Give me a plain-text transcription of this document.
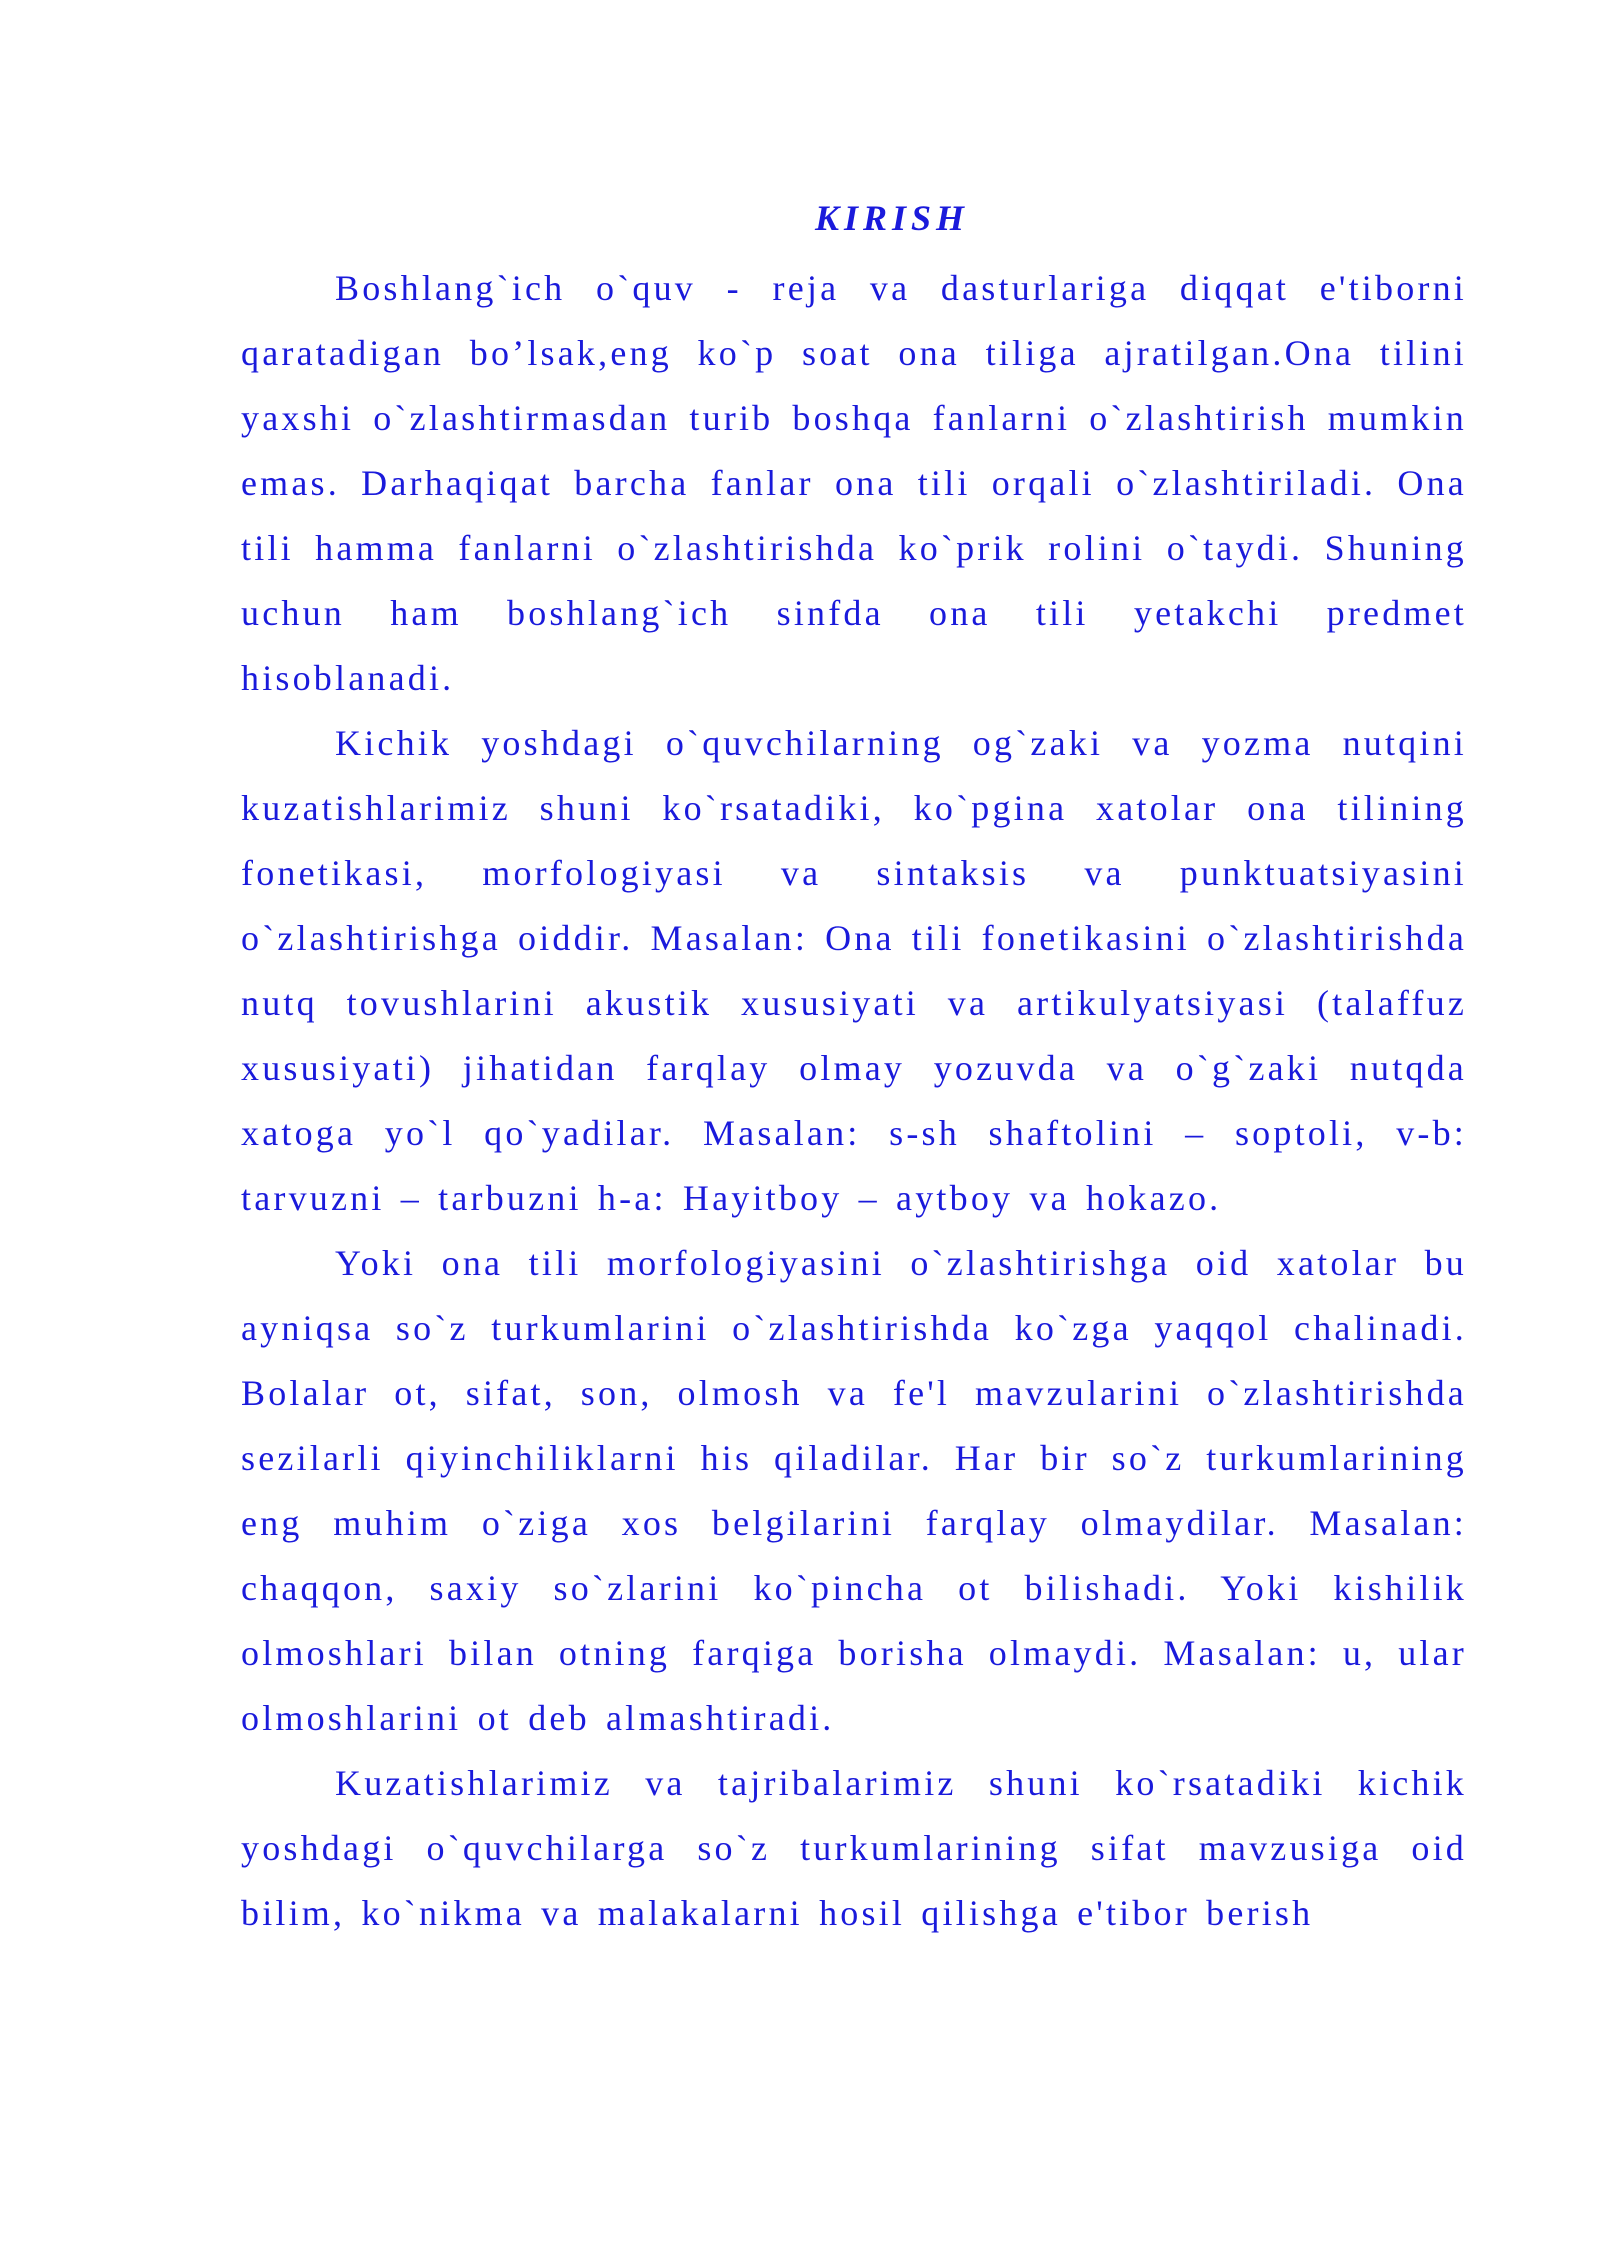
KIRISH

Boshlang`ich o`quv - reja va dasturlariga diqqat e'tiborni qaratadigan bo’lsak,eng ko`p soat ona tiliga ajratilgan.Ona tilini yaxshi o`zlashtirmasdan turib boshqa fanlarni o`zlashtirish mumkin emas. Darhaqiqat barcha fanlar ona tili orqali o`zlashtiriladi. Ona tili hamma fanlarni o`zlashtirishda ko`prik rolini o`taydi. Shuning uchun ham boshlang`ich sinfda ona tili yetakchi predmet hisoblanadi.

Kichik yoshdagi o`quvchilarning og`zaki va yozma nutqini kuzatishlarimiz shuni ko`rsatadiki, ko`pgina xatolar ona tilining fonetikasi, morfologiyasi va sintaksis va punktuatsiyasini o`zlashtirishga oiddir. Masalan: Ona tili fonetikasini o`zlashtirishda nutq tovushlarini akustik xususiyati va artikulyatsiyasi (talaffuz xususiyati) jihatidan farqlay olmay yozuvda va o`g`zaki nutqda xatoga yo`l qo`yadilar. Masalan: s-sh shaftolini – soptoli, v-b: tarvuzni – tarbuzni h-a: Hayitboy – aytboy va hokazo.

Yoki ona tili morfologiyasini o`zlashtirishga oid xatolar bu ayniqsa so`z turkumlarini o`zlashtirishda ko`zga yaqqol chalinadi. Bolalar ot, sifat, son, olmosh va fe'l mavzularini o`zlashtirishda sezilarli qiyinchiliklarni his qiladilar. Har bir so`z turkumlarining eng muhim o`ziga xos belgilarini farqlay olmaydilar. Masalan: chaqqon, saxiy so`zlarini ko`pincha ot bilishadi. Yoki kishilik olmoshlari bilan otning farqiga borisha olmaydi. Masalan: u, ular olmoshlarini ot deb almashtiradi.

Kuzatishlarimiz va tajribalarimiz shuni ko`rsatadiki kichik yoshdagi o`quvchilarga so`z turkumlarining sifat mavzusiga oid bilim, ko`nikma va malakalarni hosil qilishga e'tibor berish
